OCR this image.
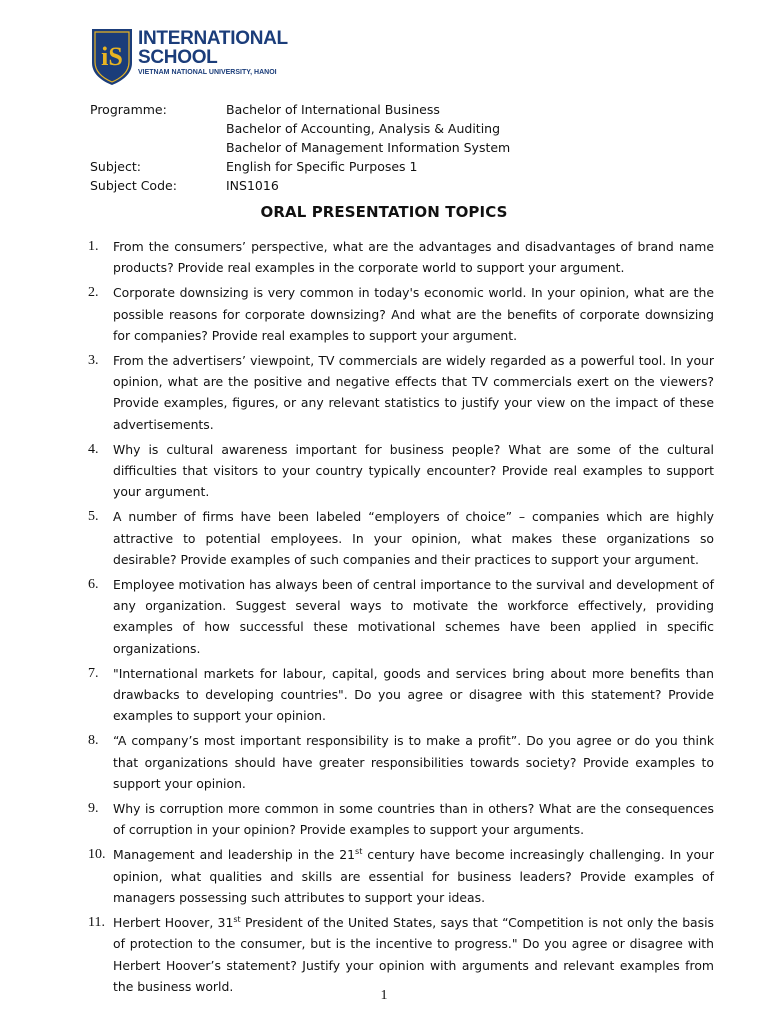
iS
INTERNATIONAL
SCHOOL
VIETNAM NATIONAL UNIVERSITY, HANOI
Programme:	Bachelor of International Business
Bachelor of Accounting, Analysis & Auditing
Bachelor of Management Information System
Subject:	English for Specific Purposes 1
Subject Code:	INS1016
ORAL PRESENTATION TOPICS
1.	From the consumers’ perspective, what are the advantages and disadvantages of brand name products? Provide real examples in the corporate world to support your argument.
2.	Corporate downsizing is very common in today's economic world. In your opinion, what are the possible reasons for corporate downsizing? And what are the benefits of corporate downsizing for companies? Provide real examples to support your argument.
3.	From the advertisers’ viewpoint, TV commercials are widely regarded as a powerful tool. In your opinion, what are the positive and negative effects that TV commercials exert on the viewers? Provide examples, figures, or any relevant statistics to justify your view on the impact of these advertisements.
4.	Why is cultural awareness important for business people? What are some of the cultural difficulties that visitors to your country typically encounter? Provide real examples to support your argument.
5.	A number of firms have been labeled “employers of choice” – companies which are highly attractive to potential employees. In your opinion, what makes these organizations so desirable? Provide examples of such companies and their practices to support your argument.
6.	Employee motivation has always been of central importance to the survival and development of any organization. Suggest several ways to motivate the workforce effectively, providing examples of how successful these motivational schemes have been applied in specific organizations.
7.	"International markets for labour, capital, goods and services bring about more benefits than drawbacks to developing countries". Do you agree or disagree with this statement? Provide examples to support your opinion.
8.	“A company’s most important responsibility is to make a profit”. Do you agree or do you think that organizations should have greater responsibilities towards society? Provide examples to support your opinion.
9.	Why is corruption more common in some countries than in others? What are the consequences of corruption in your opinion? Provide examples to support your arguments.
10. Management and leadership in the 21st century have become increasingly challenging. In your opinion, what qualities and skills are essential for business leaders? Provide examples of managers possessing such attributes to support your ideas.
11. Herbert Hoover, 31st President of the United States, says that “Competition is not only the basis of protection to the consumer, but is the incentive to progress." Do you agree or disagree with Herbert Hoover’s statement? Justify your opinion with arguments and relevant examples from the business world.
1
